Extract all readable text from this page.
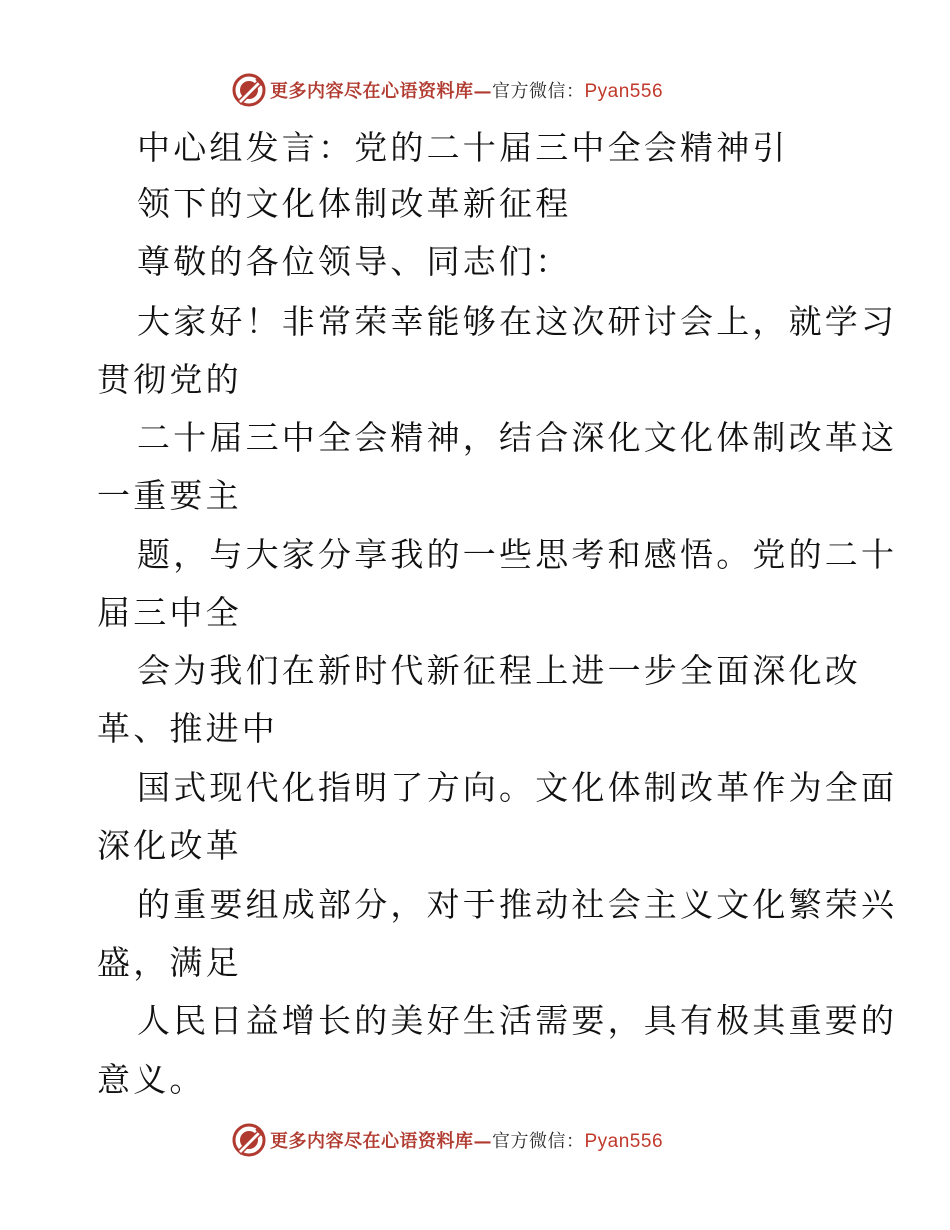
更多内容尽在心语资料库—官方微信：Pyan556
中心组发言：党的二十届三中全会精神引
领下的文化体制改革新征程
尊敬的各位领导、同志们：
大家好！非常荣幸能够在这次研讨会上，就学习
贯彻党的
二十届三中全会精神，结合深化文化体制改革这
一重要主
题，与大家分享我的一些思考和感悟。党的二十
届三中全
会为我们在新时代新征程上进一步全面深化改
革、推进中
国式现代化指明了方向。文化体制改革作为全面
深化改革
的重要组成部分，对于推动社会主义文化繁荣兴
盛，满足
人民日益增长的美好生活需要，具有极其重要的
意义。
更多内容尽在心语资料库—官方微信：Pyan556
